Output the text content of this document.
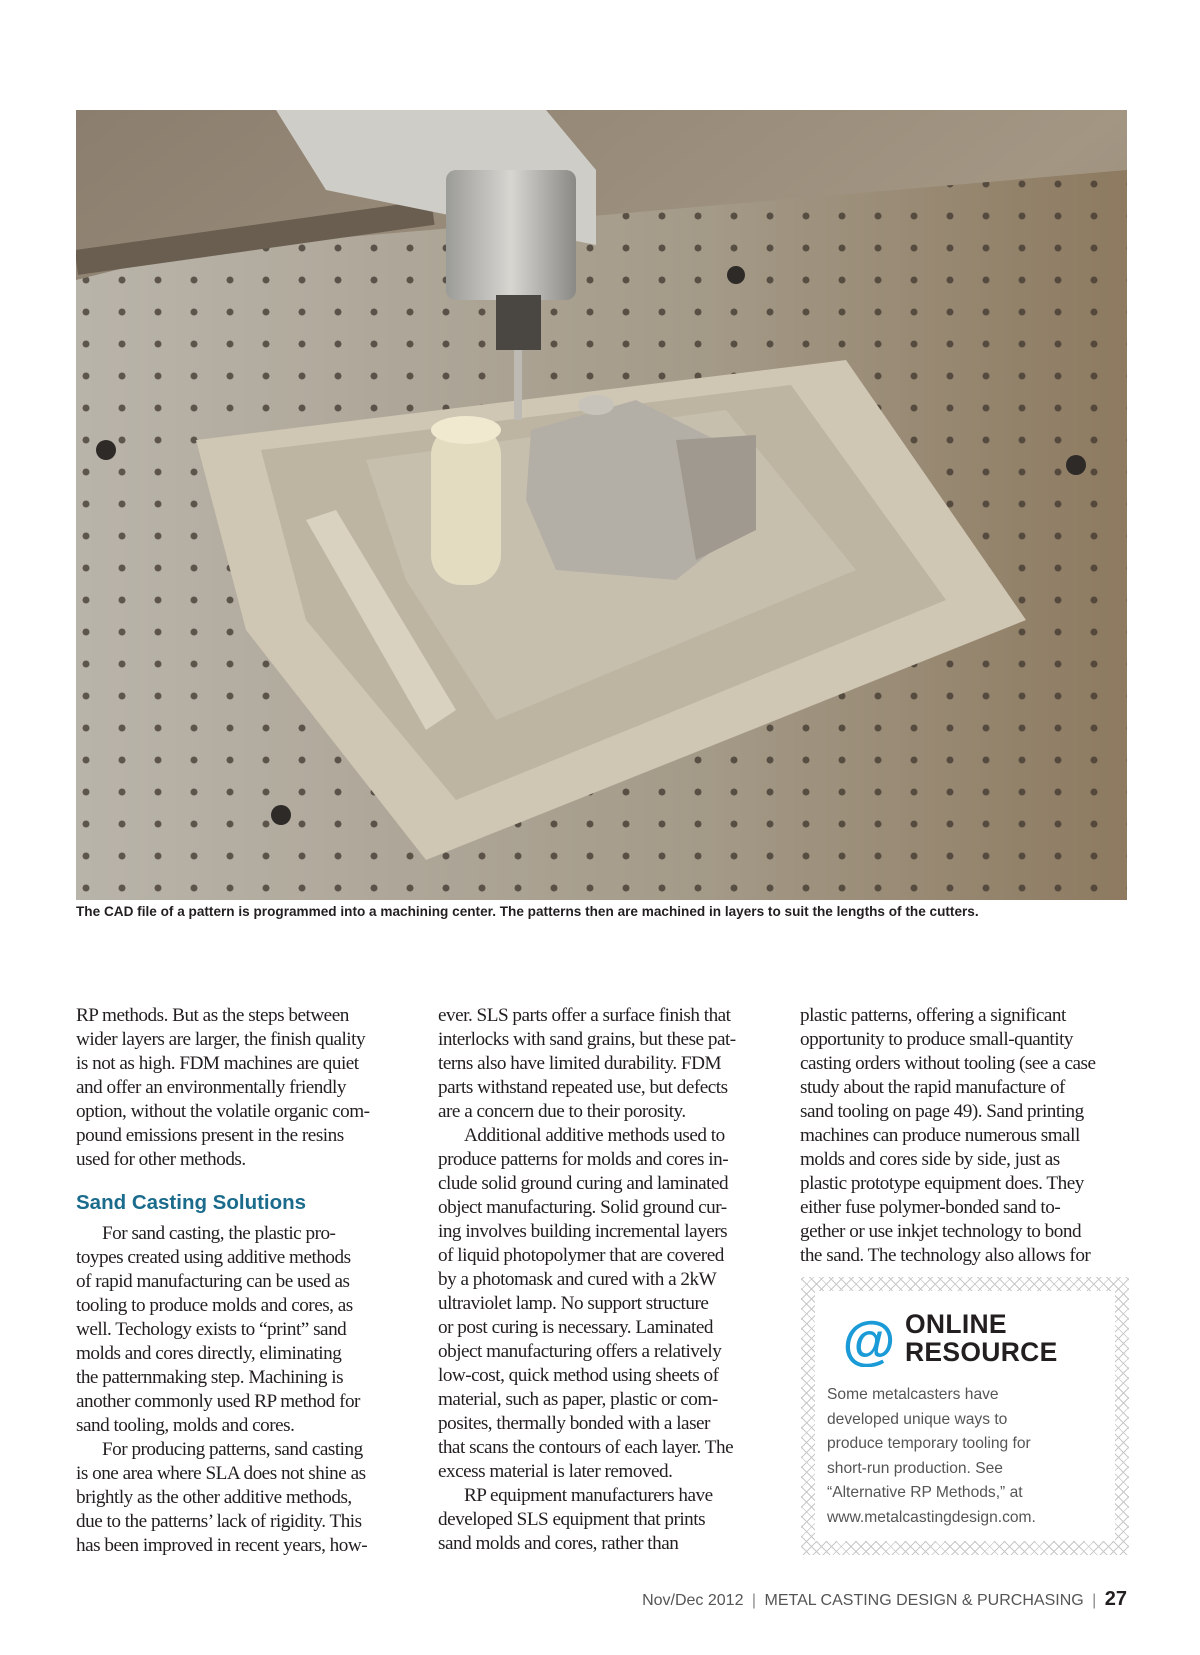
The CAD file of a pattern is programmed into a machining center. The patterns then are machined in layers to suit the lengths of the cutters.

RP methods. But as the steps between

wider layers are larger, the finish quality

is not as high. FDM machines are quiet

and offer an environmentally friendly

option, without the volatile organic com-

pound emissions present in the resins

used for other methods.

Sand Casting Solutions

For sand casting, the plastic pro-

toypes created using additive methods

of rapid manufacturing can be used as

tooling to produce molds and cores, as

well. Techology exists to “print” sand

molds and cores directly, eliminating

the patternmaking step. Machining is

another commonly used RP method for

sand tooling, molds and cores.

For producing patterns, sand casting

is one area where SLA does not shine as

brightly as the other additive methods,

due to the patterns’ lack of rigidity. This

has been improved in recent years, how-

ever. SLS parts offer a surface finish that

interlocks with sand grains, but these pat-

terns also have limited durability. FDM

parts withstand repeated use, but defects

are a concern due to their porosity.

Additional additive methods used to

produce patterns for molds and cores in-

clude solid ground curing and laminated

object manufacturing. Solid ground cur-

ing involves building incremental layers

of liquid photopolymer that are covered

by a photomask and cured with a 2kW

ultraviolet lamp. No support structure

or post curing is necessary. Laminated

object manufacturing offers a relatively

low-cost, quick method using sheets of

material, such as paper, plastic or com-

posites, thermally bonded with a laser

that scans the contours of each layer. The

excess material is later removed.

RP equipment manufacturers have

developed SLS equipment that prints

sand molds and cores, rather than

plastic patterns, offering a significant

opportunity to produce small-quantity

casting orders without tooling (see a case

study about the rapid manufacture of

sand tooling on page 49). Sand printing

machines can produce numerous small

molds and cores side by side, just as

plastic prototype equipment does. They

either fuse polymer-bonded sand to-

gether or use inkjet technology to bond

the sand. The technology also allows for

@ ONLINE
RESOURCE
Some metalcasters have
developed unique ways to
produce temporary tooling for
short-run production. See
“Alternative RP Methods,” at
www.metalcastingdesign.com.
Nov/Dec 2012 | METAL CASTING DESIGN & PURCHASING | 27
